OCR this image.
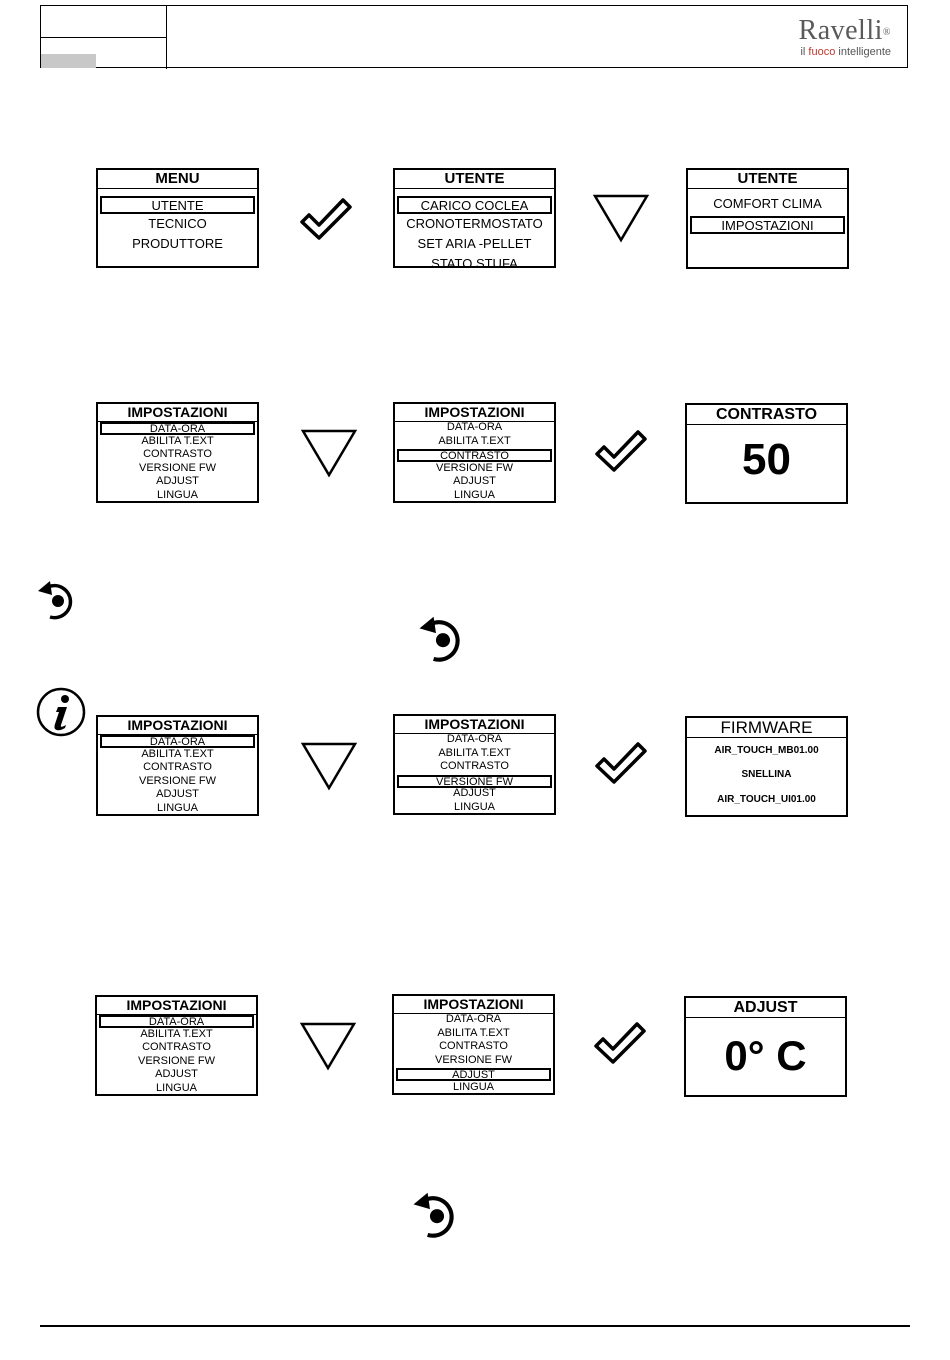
Ravelli®
il fuoco intelligente
MENU
UTENTE
TECNICO
PRODUTTORE
UTENTE
CARICO COCLEA
CRONOTERMOSTATO
SET ARIA -PELLET
STATO STUFA
UTENTE
COMFORT CLIMA
IMPOSTAZIONI
IMPOSTAZIONI
DATA-ORA
ABILITA T.EXT
CONTRASTO
VERSIONE FW
ADJUST
LINGUA
IMPOSTAZIONI
DATA-ORA
ABILITA T.EXT
CONTRASTO
VERSIONE FW
ADJUST
LINGUA
CONTRASTO
50
IMPOSTAZIONI
DATA-ORA
ABILITA T.EXT
CONTRASTO
VERSIONE FW
ADJUST
LINGUA
IMPOSTAZIONI
DATA-ORA
ABILITA T.EXT
CONTRASTO
VERSIONE FW
ADJUST
LINGUA
FIRMWARE
AIR_TOUCH_MB01.00
SNELLINA
AIR_TOUCH_UI01.00
IMPOSTAZIONI
DATA-ORA
ABILITA T.EXT
CONTRASTO
VERSIONE FW
ADJUST
LINGUA
IMPOSTAZIONI
DATA-ORA
ABILITA T.EXT
CONTRASTO
VERSIONE FW
ADJUST
LINGUA
ADJUST
0° C
